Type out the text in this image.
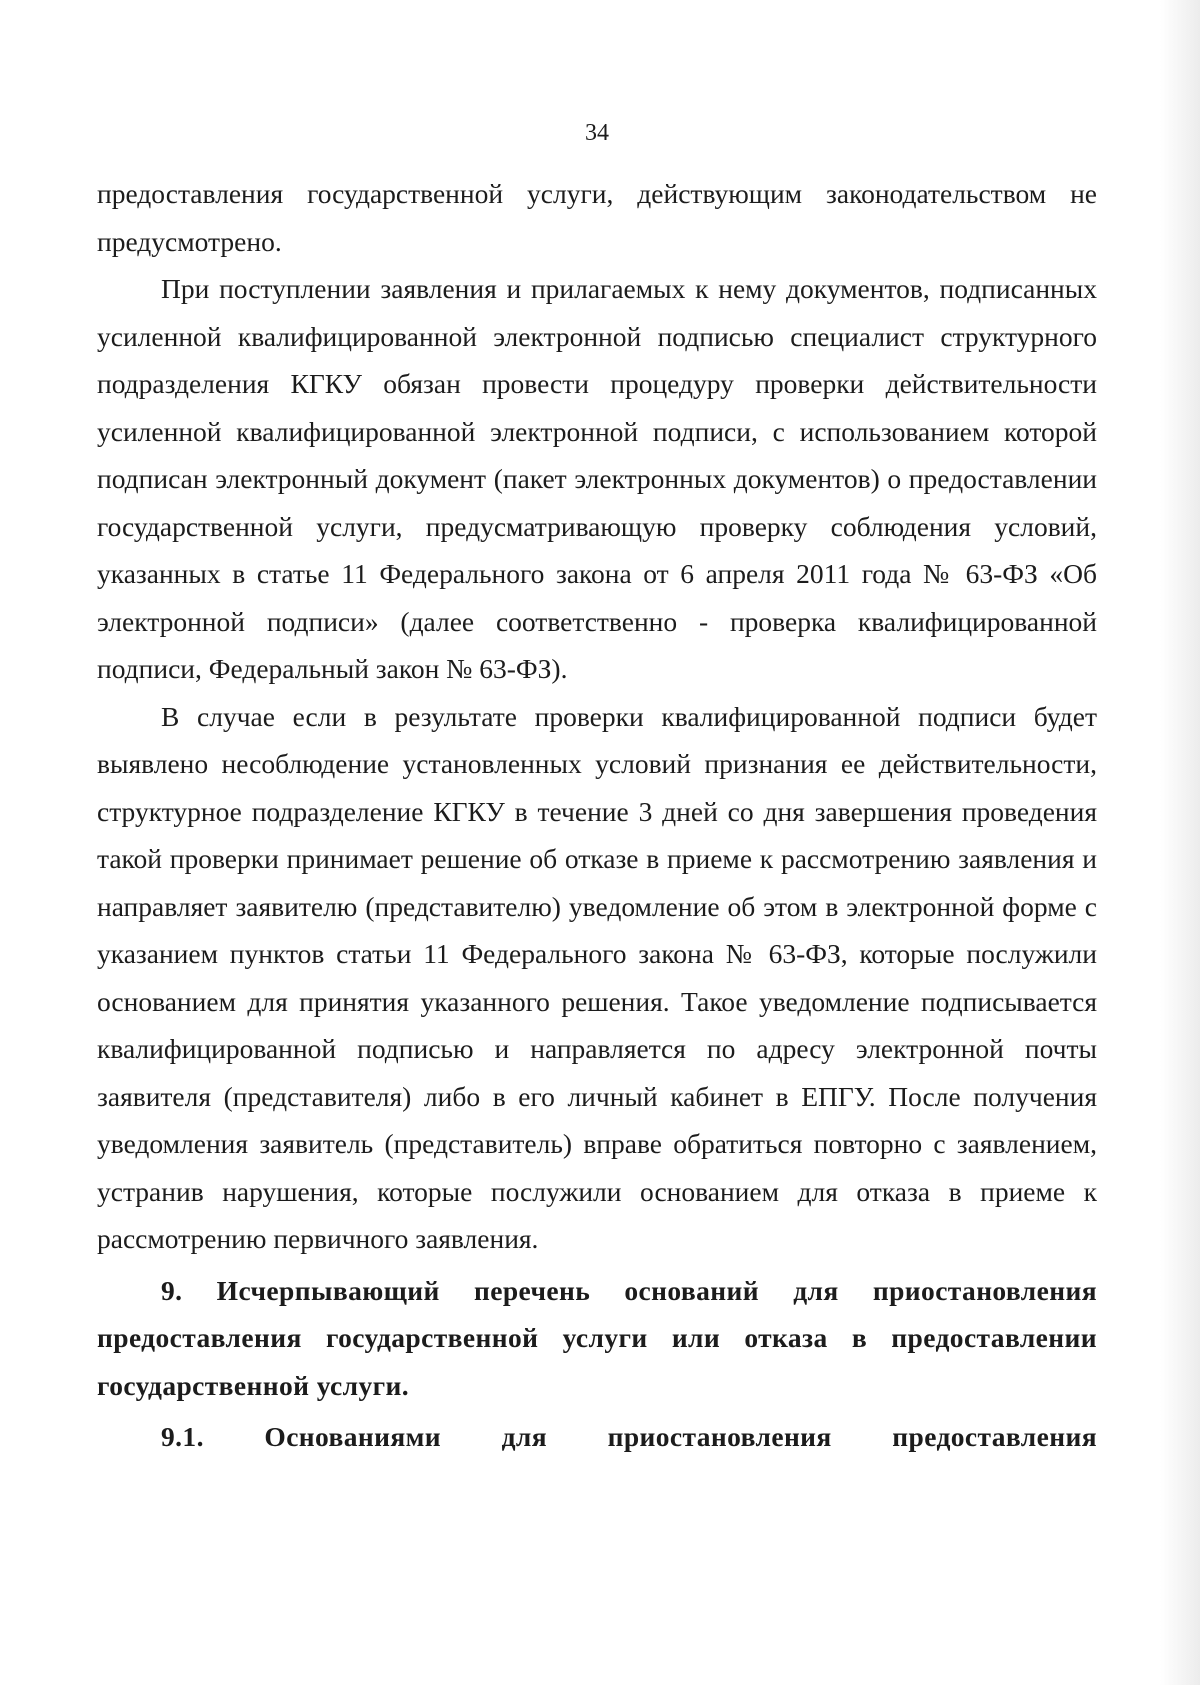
34

предоставления государственной услуги, действующим законодательством не предусмотрено.

При поступлении заявления и прилагаемых к нему документов, подписанных усиленной квалифицированной электронной подписью специалист структурного подразделения КГКУ обязан провести процедуру проверки действительности усиленной квалифицированной электронной подписи, с использованием которой подписан электронный документ (пакет электронных документов) о предоставлении государственной услуги, предусматривающую проверку соблюдения условий, указанных в статье 11 Федерального закона от 6 апреля 2011 года № 63-ФЗ «Об электронной подписи» (далее соответственно - проверка квалифицированной подписи, Федеральный закон № 63-ФЗ).

В случае если в результате проверки квалифицированной подписи будет выявлено несоблюдение установленных условий признания ее действительности, структурное подразделение КГКУ в течение 3 дней со дня завершения проведения такой проверки принимает решение об отказе в приеме к рассмотрению заявления и направляет заявителю (представителю) уведомление об этом в электронной форме с указанием пунктов статьи 11 Федерального закона № 63-ФЗ, которые послужили основанием для принятия указанного решения. Такое уведомление подписывается квалифицированной подписью и направляется по адресу электронной почты заявителя (представителя) либо в его личный кабинет в ЕПГУ. После получения уведомления заявитель (представитель) вправе обратиться повторно с заявлением, устранив нарушения, которые послужили основанием для отказа в приеме к рассмотрению первичного заявления.

9. Исчерпывающий перечень оснований для приостановления предоставления государственной услуги или отказа в предоставлении государственной услуги.

9.1. Основаниями для приостановления предоставления
